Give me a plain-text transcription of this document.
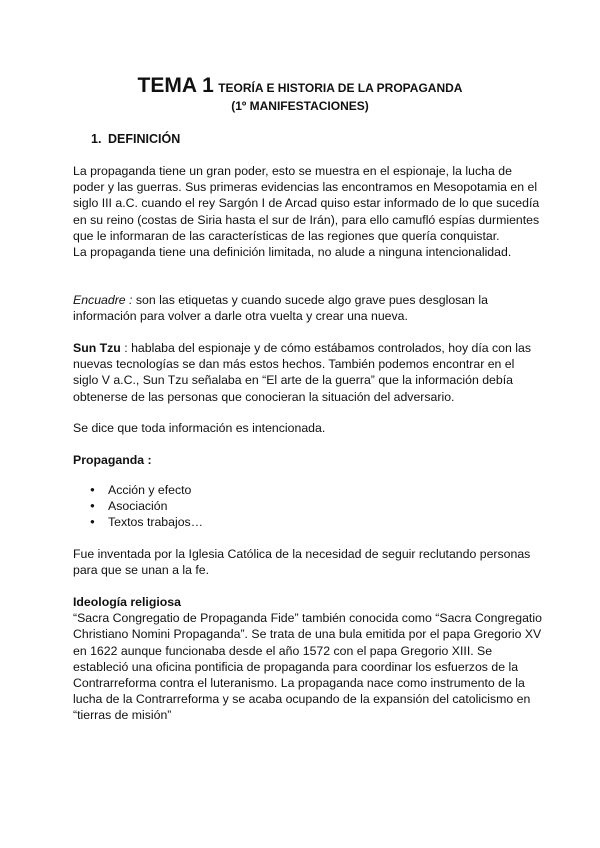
TEMA 1 TEORÍA E HISTORIA DE LA PROPAGANDA
(1º MANIFESTACIONES)
1. DEFINICIÓN

La propaganda tiene un gran poder, esto se muestra en el espionaje, la lucha de poder y las guerras. Sus primeras evidencias las encontramos en Mesopotamia en el siglo III a.C. cuando el rey Sargón I de Arcad quiso estar informado de lo que sucedía en su reino (costas de Siria hasta el sur de Irán), para ello camufló espías durmientes que le informaran de las características de las regiones que quería conquistar.

La propaganda tiene una definición limitada, no alude a ninguna intencionalidad.

Encuadre : son las etiquetas y cuando sucede algo grave pues desglosan la información para volver a darle otra vuelta y crear una nueva.

Sun Tzu : hablaba del espionaje y de cómo estábamos controlados, hoy día con las nuevas tecnologías se dan más estos hechos. También podemos encontrar en el siglo V a.C., Sun Tzu señalaba en “El arte de la guerra” que la información debía obtenerse de las personas que conocieran la situación del adversario.

Se dice que toda información es intencionada.

Propaganda :
● Acción y efecto
● Asociación
● Textos trabajos…

Fue inventada por la Iglesia Católica de la necesidad de seguir reclutando personas para que se unan a la fe.

Ideología religiosa

“Sacra Congregatio de Propaganda Fide” también conocida como “Sacra Congregatio Christiano Nomini Propaganda”. Se trata de una bula emitida por el papa Gregorio XV en 1622 aunque funcionaba desde el año 1572 con el papa Gregorio XIII. Se estableció una oficina pontificia de propaganda para coordinar los esfuerzos de la Contrarreforma contra el luteranismo. La propaganda nace como instrumento de la lucha de la Contrarreforma y se acaba ocupando de la expansión del catolicismo en “tierras de misión”
